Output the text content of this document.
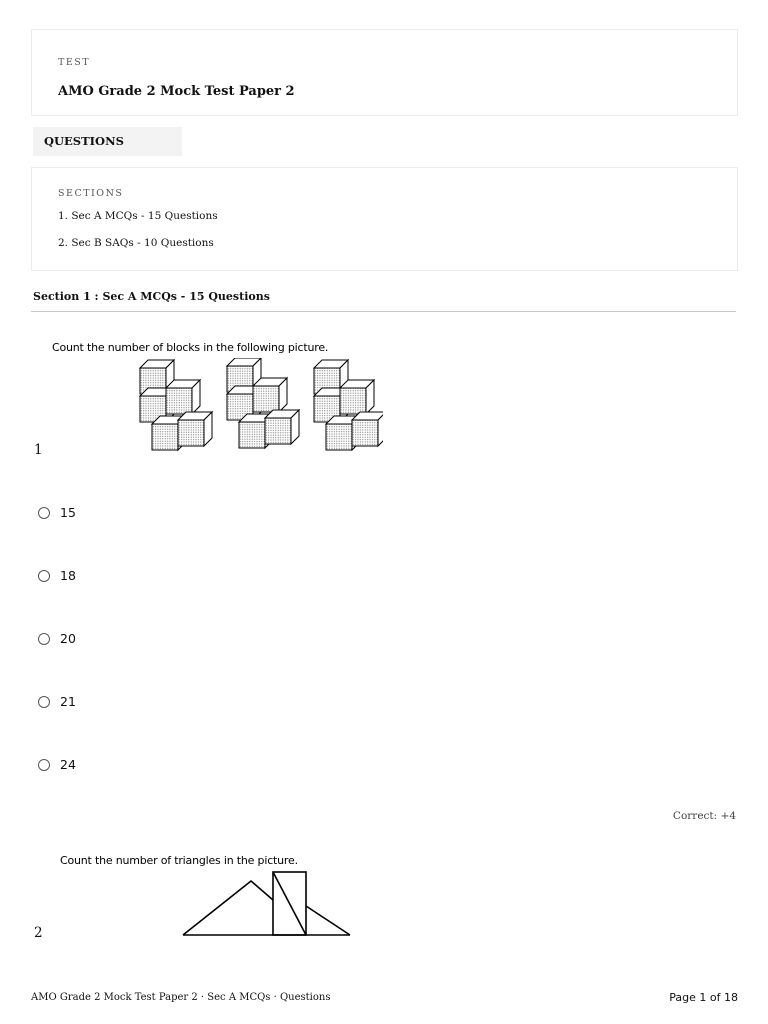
TEST
AMO Grade 2 Mock Test Paper 2
QUESTIONS
SECTIONS
1. Sec A MCQs - 15 Questions
2. Sec B SAQs - 10 Questions
Section 1 : Sec A MCQs - 15 Questions
Count the number of blocks in the following picture.
1
15
18
20
21
24
Correct: +4
Count the number of triangles in the picture.
2
AMO Grade 2 Mock Test Paper 2 · Sec A MCQs · Questions	Page 1 of 18
